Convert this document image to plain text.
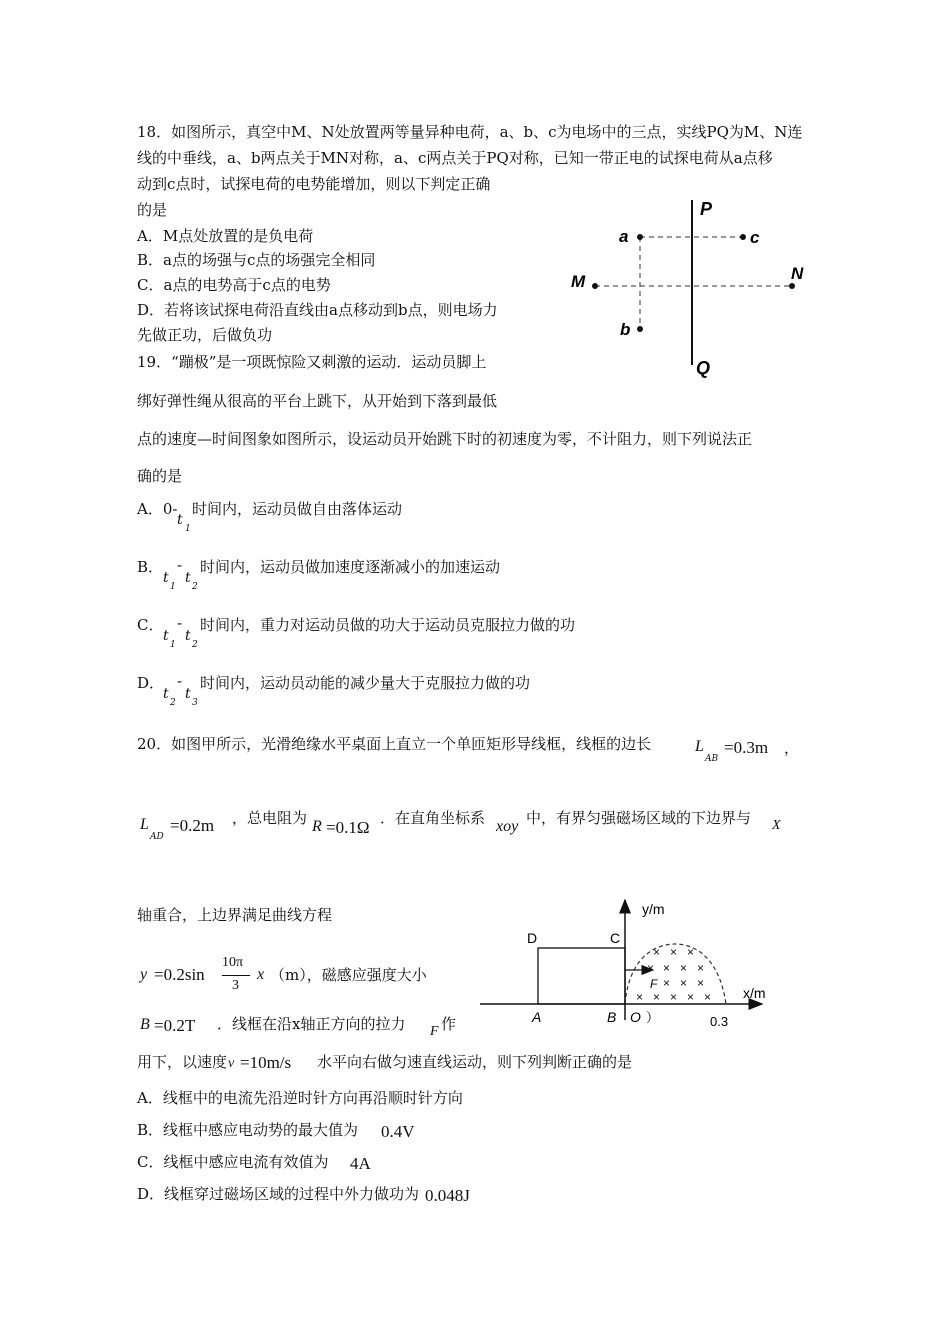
18．如图所示，真空中M、N处放置两等量异种电荷，a、b、c为电场中的三点，实线PQ为M、N连
线的中垂线，a、b两点关于MN对称，a、c两点关于PQ对称，已知一带正电的试探电荷从a点移
动到c点时，试探电荷的电势能增加，则以下判定正确
的是
A．M点处放置的是负电荷
B．a点的场强与c点的场强完全相同
C．a点的电势高于c点的电势
D．若将该试探电荷沿直线由a点移动到b点，则电场力
先做正功，后做负功
P
Q
M	N
a	c
b
19．“蹦极”是一项既惊险又刺激的运动．运动员脚上
绑好弹性绳从很高的平台上跳下，从开始到下落到最低
点的速度—时间图象如图所示，设运动员开始跳下时的初速度为零，不计阻力，则下列说法正
确的是
A．0-
t
1
时间内，运动员做自由落体运动
B． -
t
1
t
2
时间内，运动员做加速度逐渐减小的加速运动
C． -
t
1
t
2
时间内，重力对运动员做的功大于运动员克服拉力做的功
D． -
t
2
t
3
时间内，运动员动能的减少量大于克服拉力做的功
20．如图甲所示，光滑绝缘水平桌面上直立一个单匝矩形导线框，线框的边长	L
AB
=0.3m ，
L
AD
=0.2m ，总电阻为 R =0.1Ω ．在直角坐标系 xoy 中，有界匀强磁场区域的下边界与 X
轴重合，上边界满足曲线方程
y =0.2sin
10π
3
x （m），磁感应强度大小
B =0.2T ．线框在沿x轴正方向的拉力 F 作
用下，以速度 v =10m/s 水平向右做匀速直线运动，则下列判断正确的是
A．线框中的电流先沿逆时针方向再沿顺时针方向
B．线框中感应电动势的最大值为 0.4V
C．线框中感应电流有效值为 4A
D．线框穿过磁场区域的过程中外力做功为 0.048J
× × ×
× × × ×
× × ×
× × × × ×
F
y/m
x/m
D	C
A	B O ）	0.3
